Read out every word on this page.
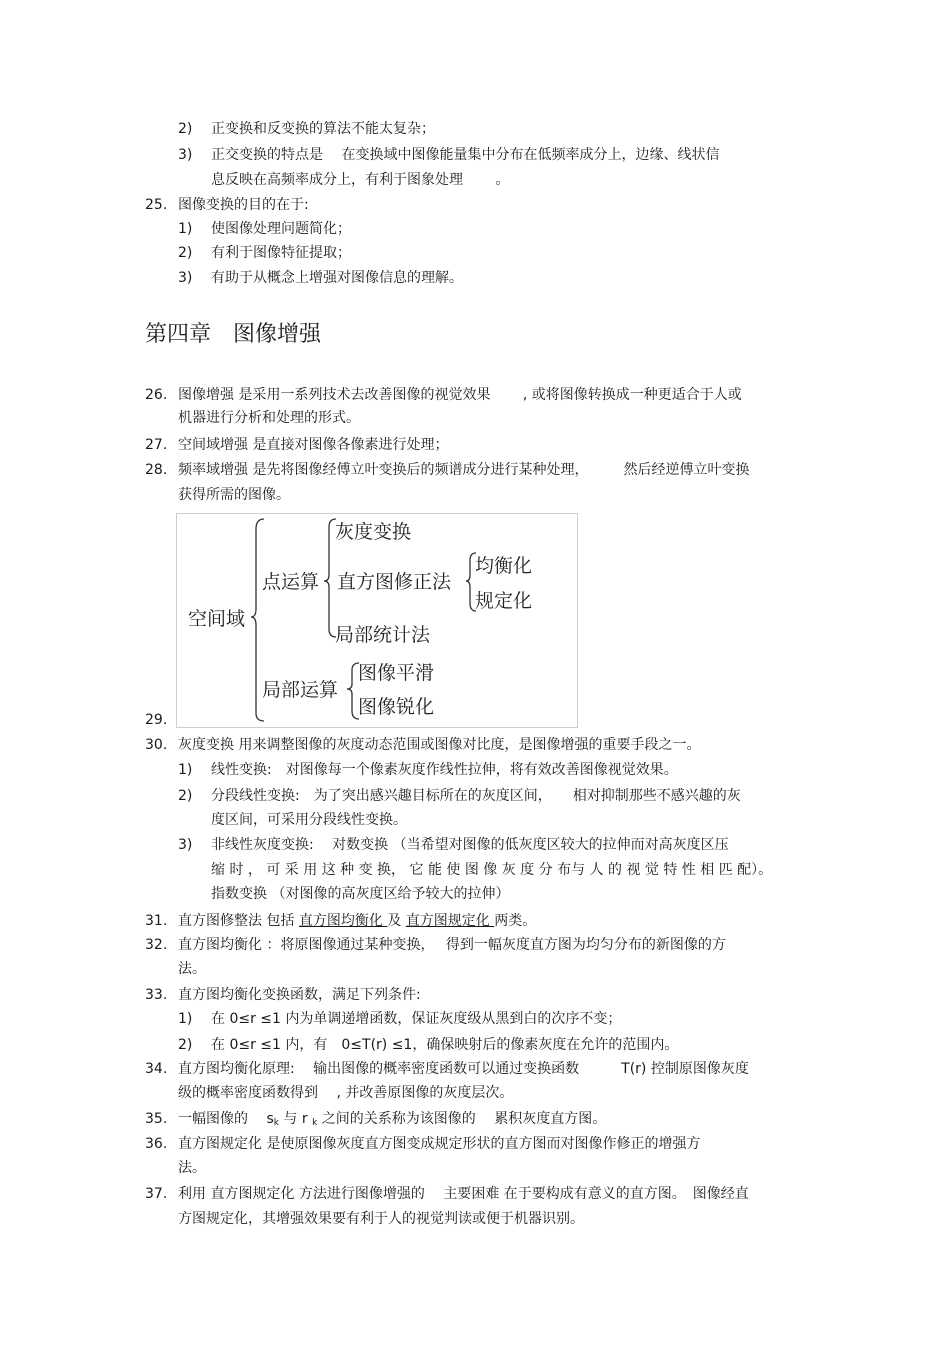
2) 正变换和反变换的算法不能太复杂；
3) 正交变换的特点是　 在变换域中图像能量集中分布在低频率成分上，边缘、线状信
息反映在高频率成分上，有利于图象处理　　 。
25. 图像变换的目的在于:
1) 使图像处理问题简化；
2) 有利于图像特征提取；
3) 有助于从概念上增强对图像信息的理解。
第四章　图像增强
26. 图像增强 是采用一系列技术去改善图像的视觉效果　　 , 或将图像转换成一种更适合于人或
机器进行分析和处理的形式。
27. 空间域增强 是直接对图像各像素进行处理；
28. 频率域增强 是先将图像经傅立叶变换后的频谱成分进行某种处理，　　　然后经逆傅立叶变换
获得所需的图像。
29.
空间域
点运算
局部运算
灰度变换
直方图修正法
均衡化
规定化
局部统计法
图像平滑
图像锐化
30. 灰度变换 用来调整图像的灰度动态范围或图像对比度，是图像增强的重要手段之一。
1) 线性变换:　对图像每一个像素灰度作线性拉伸，将有效改善图像视觉效果。
2) 分段线性变换:　为了突出感兴趣目标所在的灰度区间，　　相对抑制那些不感兴趣的灰
度区间，可采用分段线性变换。
3) 非线性灰度变换:　 对数变换 （当希望对图像的低灰度区较大的拉伸而对高灰度区压
缩 时 ， 可 采 用 这 种 变 换， 它 能 使 图 像 灰 度 分 布与 人 的 视 觉 特 性 相 匹 配）。
指数变换 （对图像的高灰度区给予较大的拉伸）
31. 直方图修整法 包括 直方图均衡化 及 直方图规定化 两类。
32. 直方图均衡化 ：将原图像通过某种变换，　 得到一幅灰度直方图为均匀分布的新图像的方
法。
33. 直方图均衡化变换函数，满足下列条件:
1) 在 0≤r ≤1 内为单调递增函数，保证灰度级从黑到白的次序不变；
2) 在 0≤r ≤1 内，有　0≤T(r) ≤1，确保映射后的像素灰度在允许的范围内。
34. 直方图均衡化原理:　 输出图像的概率密度函数可以通过变换函数　　　T(r) 控制原图像灰度
级的概率密度函数得到　 , 并改善原图像的灰度层次。
35. 一幅图像的　 $s_k$ 与 r $_k$ 之间的关系称为该图像的　 累积灰度直方图。
36. 直方图规定化 是使原图像灰度直方图变成规定形状的直方图而对图像作修正的增强方
法。
37. 利用 直方图规定化 方法进行图像增强的　 主要困难 在于要构成有意义的直方图。　图像经直
方图规定化，其增强效果要有利于人的视觉判读或便于机器识别。
